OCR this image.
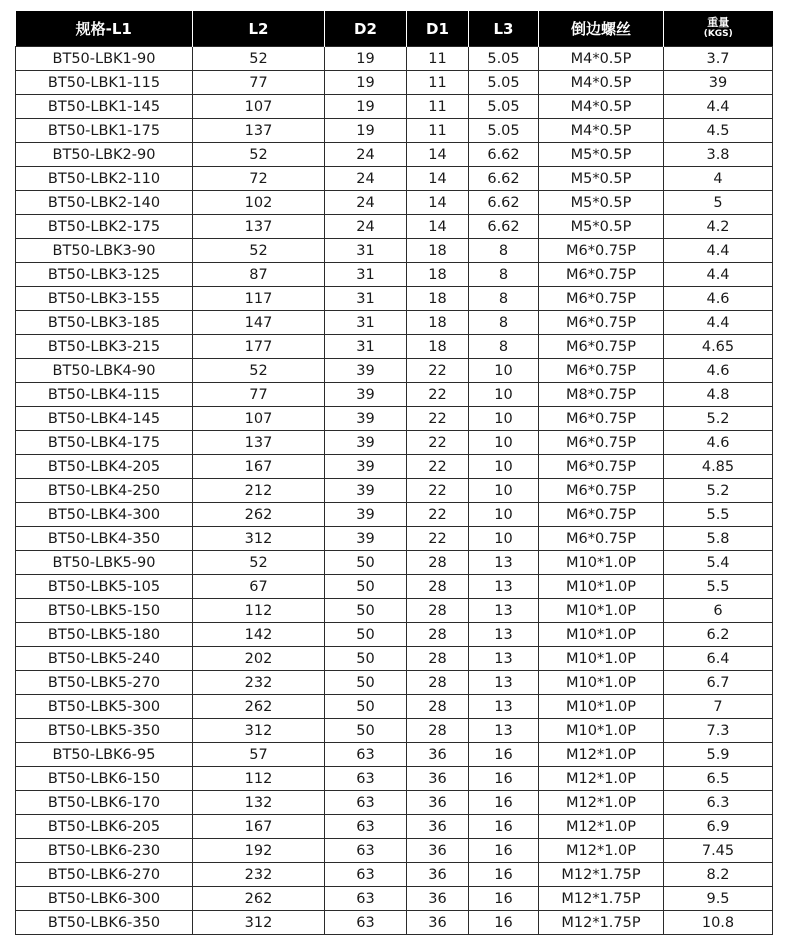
规格-L1	L2	D2	D1	L3	倒边螺丝	重量
(KGS)

BT50-LBK1-90	52	19	11	5.05	M4*0.5P	3.7
BT50-LBK1-115	77	19	11	5.05	M4*0.5P	39
BT50-LBK1-145	107	19	11	5.05	M4*0.5P	4.4
BT50-LBK1-175	137	19	11	5.05	M4*0.5P	4.5
BT50-LBK2-90	52	24	14	6.62	M5*0.5P	3.8
BT50-LBK2-110	72	24	14	6.62	M5*0.5P	4
BT50-LBK2-140	102	24	14	6.62	M5*0.5P	5
BT50-LBK2-175	137	24	14	6.62	M5*0.5P	4.2
BT50-LBK3-90	52	31	18	8	M6*0.75P	4.4
BT50-LBK3-125	87	31	18	8	M6*0.75P	4.4
BT50-LBK3-155	117	31	18	8	M6*0.75P	4.6
BT50-LBK3-185	147	31	18	8	M6*0.75P	4.4
BT50-LBK3-215	177	31	18	8	M6*0.75P	4.65
BT50-LBK4-90	52	39	22	10	M6*0.75P	4.6
BT50-LBK4-115	77	39	22	10	M8*0.75P	4.8
BT50-LBK4-145	107	39	22	10	M6*0.75P	5.2
BT50-LBK4-175	137	39	22	10	M6*0.75P	4.6
BT50-LBK4-205	167	39	22	10	M6*0.75P	4.85
BT50-LBK4-250	212	39	22	10	M6*0.75P	5.2
BT50-LBK4-300	262	39	22	10	M6*0.75P	5.5
BT50-LBK4-350	312	39	22	10	M6*0.75P	5.8
BT50-LBK5-90	52	50	28	13	M10*1.0P	5.4
BT50-LBK5-105	67	50	28	13	M10*1.0P	5.5
BT50-LBK5-150	112	50	28	13	M10*1.0P	6
BT50-LBK5-180	142	50	28	13	M10*1.0P	6.2
BT50-LBK5-240	202	50	28	13	M10*1.0P	6.4
BT50-LBK5-270	232	50	28	13	M10*1.0P	6.7
BT50-LBK5-300	262	50	28	13	M10*1.0P	7
BT50-LBK5-350	312	50	28	13	M10*1.0P	7.3
BT50-LBK6-95	57	63	36	16	M12*1.0P	5.9
BT50-LBK6-150	112	63	36	16	M12*1.0P	6.5
BT50-LBK6-170	132	63	36	16	M12*1.0P	6.3
BT50-LBK6-205	167	63	36	16	M12*1.0P	6.9
BT50-LBK6-230	192	63	36	16	M12*1.0P	7.45
BT50-LBK6-270	232	63	36	16	M12*1.75P	8.2
BT50-LBK6-300	262	63	36	16	M12*1.75P	9.5
BT50-LBK6-350	312	63	36	16	M12*1.75P	10.8
